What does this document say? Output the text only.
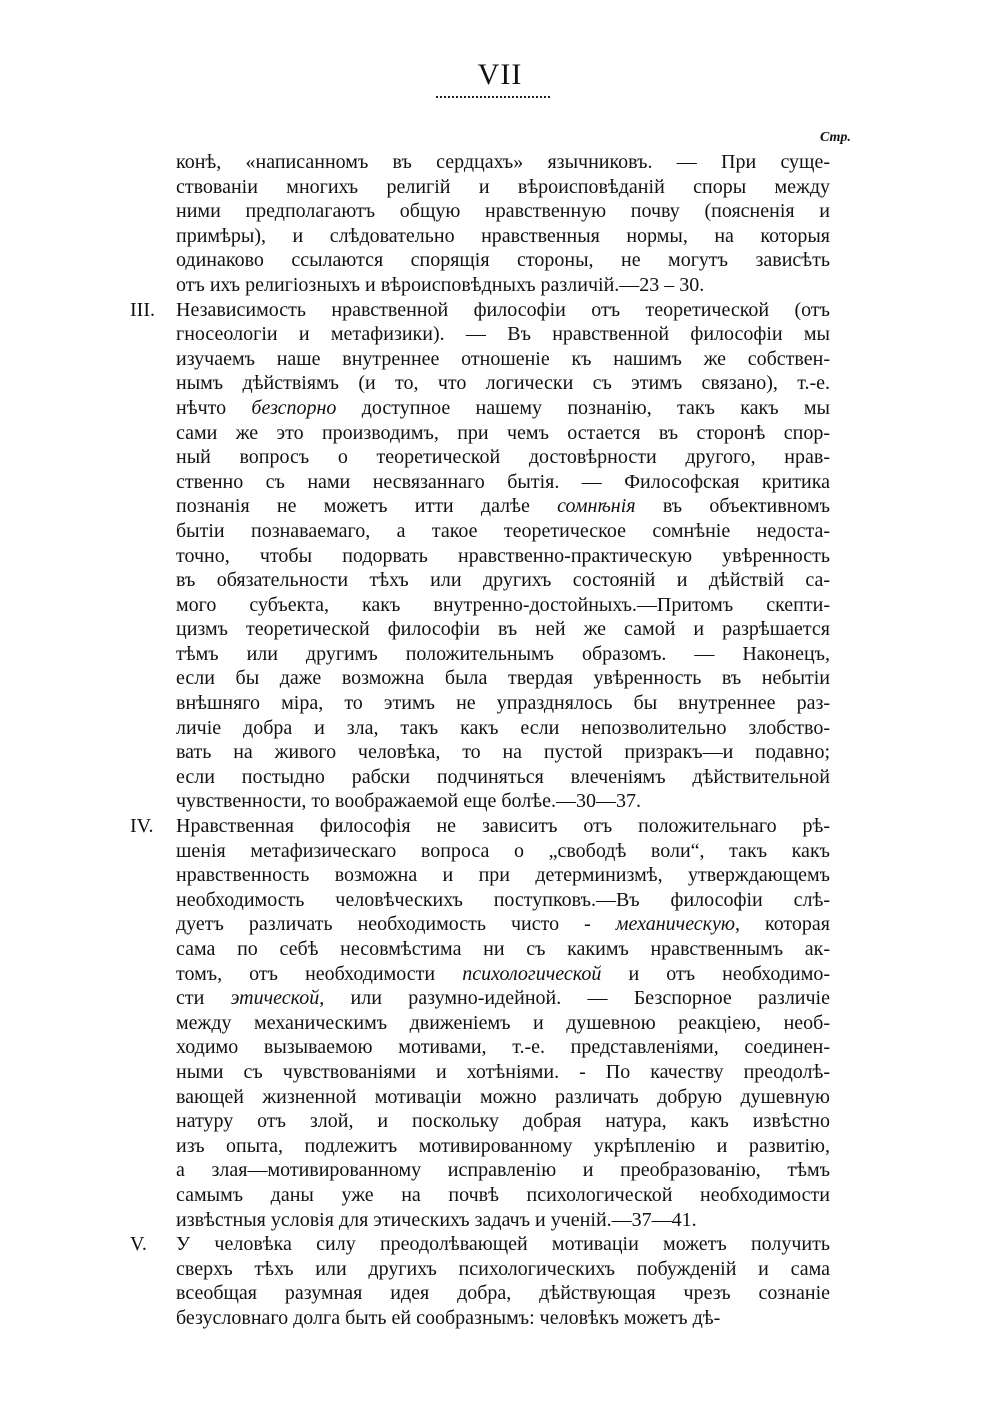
VII
Стр.
конѣ, «написанномъ въ сердцахъ» язычниковъ. — При суще-
ствованіи многихъ религій и вѣроисповѣданій споры между
ними предполагаютъ общую нравственную почву (поясненія и
примѣры), и слѣдовательно нравственныя нормы, на которыя
одинаково ссылаются спорящія стороны, не могутъ зависѣть
отъ ихъ религіозныхъ и вѣроисповѣдныхъ различій.—23 – 30.
III. Независимость нравственной философіи отъ теоретической (отъ
гносеологіи и метафизики). — Въ нравственной философіи мы
изучаемъ наше внутреннее отношеніе къ нашимъ же собствен-
нымъ дѣйствіямъ (и то, что логически съ этимъ связано), т.-е.
нѣчто безспорно доступное нашему познанію, такъ какъ мы
сами же это производимъ, при чемъ остается въ сторонѣ спор-
ный вопросъ о теоретической достовѣрности другого, нрав-
ственно съ нами несвязаннаго бытія. — Философская критика
познанія не можетъ итти далѣе сомнѣнія въ объективномъ
бытіи познаваемаго, а такое теоретическое сомнѣніе недоста-
точно, чтобы подорвать нравственно-практическую увѣренность
въ обязательности тѣхъ или другихъ состояній и дѣйствій са-
мого субъекта, какъ внутренно-достойныхъ.—Притомъ скепти-
цизмъ теоретической философіи въ ней же самой и разрѣшается
тѣмъ или другимъ положительнымъ образомъ. — Наконецъ,
если бы даже возможна была твердая увѣренность въ небытіи
внѣшняго міра, то этимъ не упразднялось бы внутреннее раз-
личіе добра и зла, такъ какъ если непозволительно злобство-
вать на живого человѣка, то на пустой призракъ—и подавно;
если постыдно рабски подчиняться влеченіямъ дѣйствительной
чувственности, то воображаемой еще болѣе.—30—37.
IV. Нравственная философія не зависитъ отъ положительнаго рѣ-
шенія метафизическаго вопроса о „свободѣ воли“, такъ какъ
нравственность возможна и при детерминизмѣ, утверждающемъ
необходимость человѣческихъ поступковъ.—Въ философіи слѣ-
дуетъ различать необходимость чисто - механическую, которая
сама по себѣ несовмѣстима ни съ какимъ нравственнымъ ак-
томъ, отъ необходимости психологической и отъ необходимо-
сти этической, или разумно-идейной. — Безспорное различіе
между механическимъ движеніемъ и душевною реакціею, необ-
ходимо вызываемою мотивами, т.-е. представленіями, соединен-
ными съ чувствованіями и хотѣніями. - По качеству преодолѣ-
вающей жизненной мотиваціи можно различать добрую душевную
натуру отъ злой, и поскольку добрая натура, какъ извѣстно
изъ опыта, подлежитъ мотивированному укрѣпленію и развитію,
а злая—мотивированному исправленію и преобразованію, тѣмъ
самымъ даны уже на почвѣ психологической необходимости
извѣстныя условія для этическихъ задачъ и ученій.—37—41.
V. У человѣка силу преодолѣвающей мотиваціи можетъ получить
сверхъ тѣхъ или другихъ психологическихъ побужденій и сама
всеобщая разумная идея добра, дѣйствующая чрезъ сознаніе
безусловнаго долга быть ей сообразнымъ: человѣкъ можетъ дѣ-
